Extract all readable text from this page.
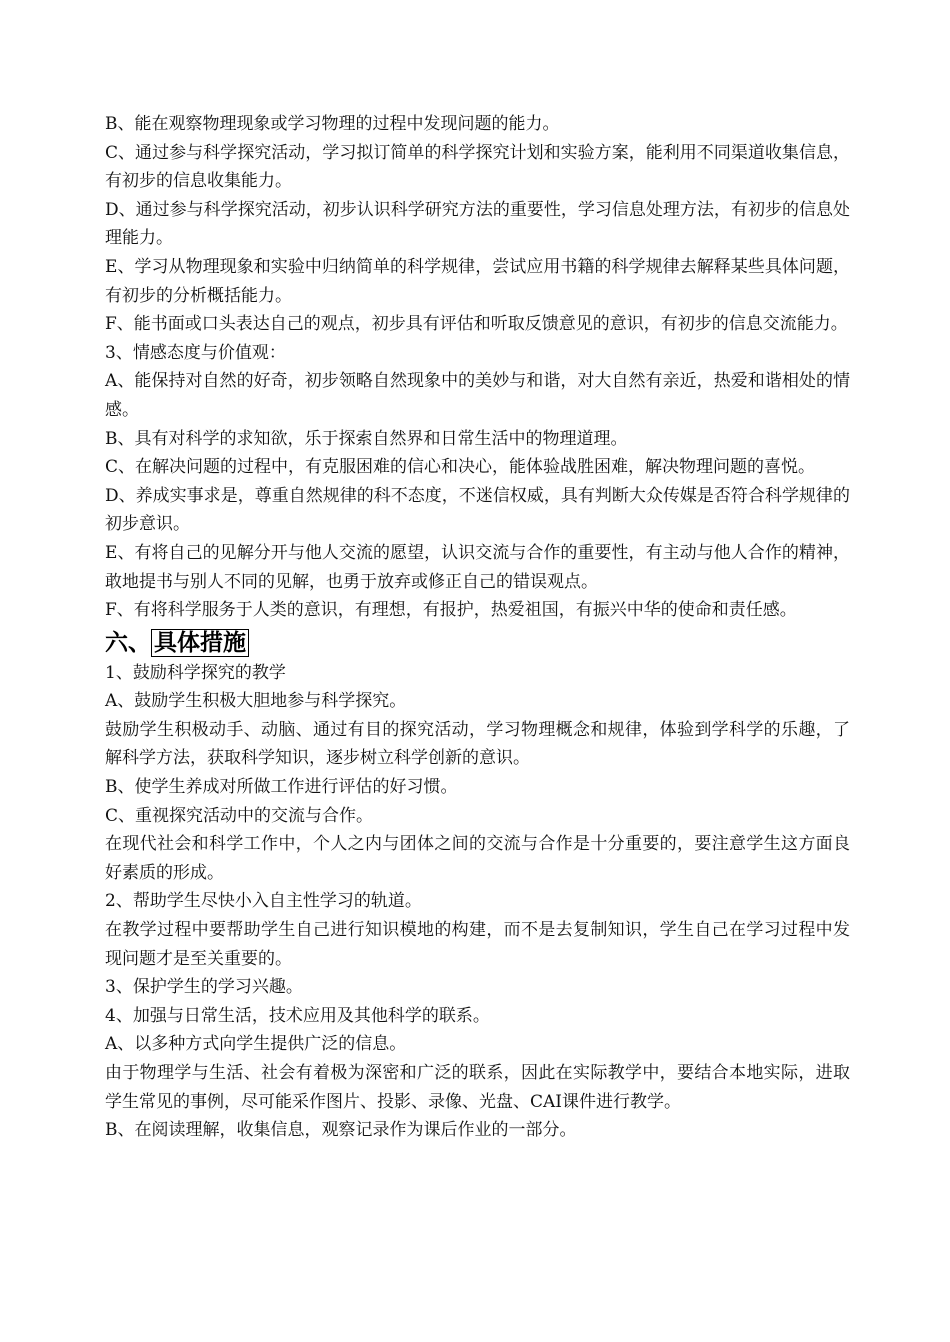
B、能在观察物理现象或学习物理的过程中发现问题的能力。

C、通过参与科学探究活动，学习拟订简单的科学探究计划和实验方案，能利用不同渠道收集信息，有初步的信息收集能力。

D、通过参与科学探究活动，初步认识科学研究方法的重要性，学习信息处理方法，有初步的信息处理能力。

E、学习从物理现象和实验中归纳简单的科学规律，尝试应用书籍的科学规律去解释某些具体问题，有初步的分析概括能力。

F、能书面或口头表达自己的观点，初步具有评估和听取反馈意见的意识，有初步的信息交流能力。

3、情感态度与价值观：

A、能保持对自然的好奇，初步领略自然现象中的美妙与和谐，对大自然有亲近，热爱和谐相处的情感。

B、具有对科学的求知欲，乐于探索自然界和日常生活中的物理道理。

C、在解决问题的过程中，有克服困难的信心和决心，能体验战胜困难，解决物理问题的喜悦。

D、养成实事求是，尊重自然规律的科不态度，不迷信权威，具有判断大众传媒是否符合科学规律的初步意识。

E、有将自己的见解分开与他人交流的愿望，认识交流与合作的重要性，有主动与他人合作的精神，敢地提书与别人不同的见解，也勇于放弃或修正自己的错误观点。

F、有将科学服务于人类的意识，有理想，有报护，热爱祖国，有振兴中华的使命和责任感。

六、 具体措施

1、鼓励科学探究的教学

A、鼓励学生积极大胆地参与科学探究。

鼓励学生积极动手、动脑、通过有目的探究活动，学习物理概念和规律，体验到学科学的乐趣，了解科学方法，获取科学知识，逐步树立科学创新的意识。

B、使学生养成对所做工作进行评估的好习惯。

C、重视探究活动中的交流与合作。

在现代社会和科学工作中，个人之内与团体之间的交流与合作是十分重要的，要注意学生这方面良好素质的形成。

2、帮助学生尽快小入自主性学习的轨道。

在教学过程中要帮助学生自己进行知识模地的构建，而不是去复制知识，学生自己在学习过程中发现问题才是至关重要的。

3、保护学生的学习兴趣。

4、加强与日常生活，技术应用及其他科学的联系。

A、以多种方式向学生提供广泛的信息。

由于物理学与生活、社会有着极为深密和广泛的联系，因此在实际教学中，要结合本地实际，进取学生常见的事例，尽可能采作图片、投影、录像、光盘、CAI课件进行教学。

B、在阅读理解，收集信息，观察记录作为课后作业的一部分。
